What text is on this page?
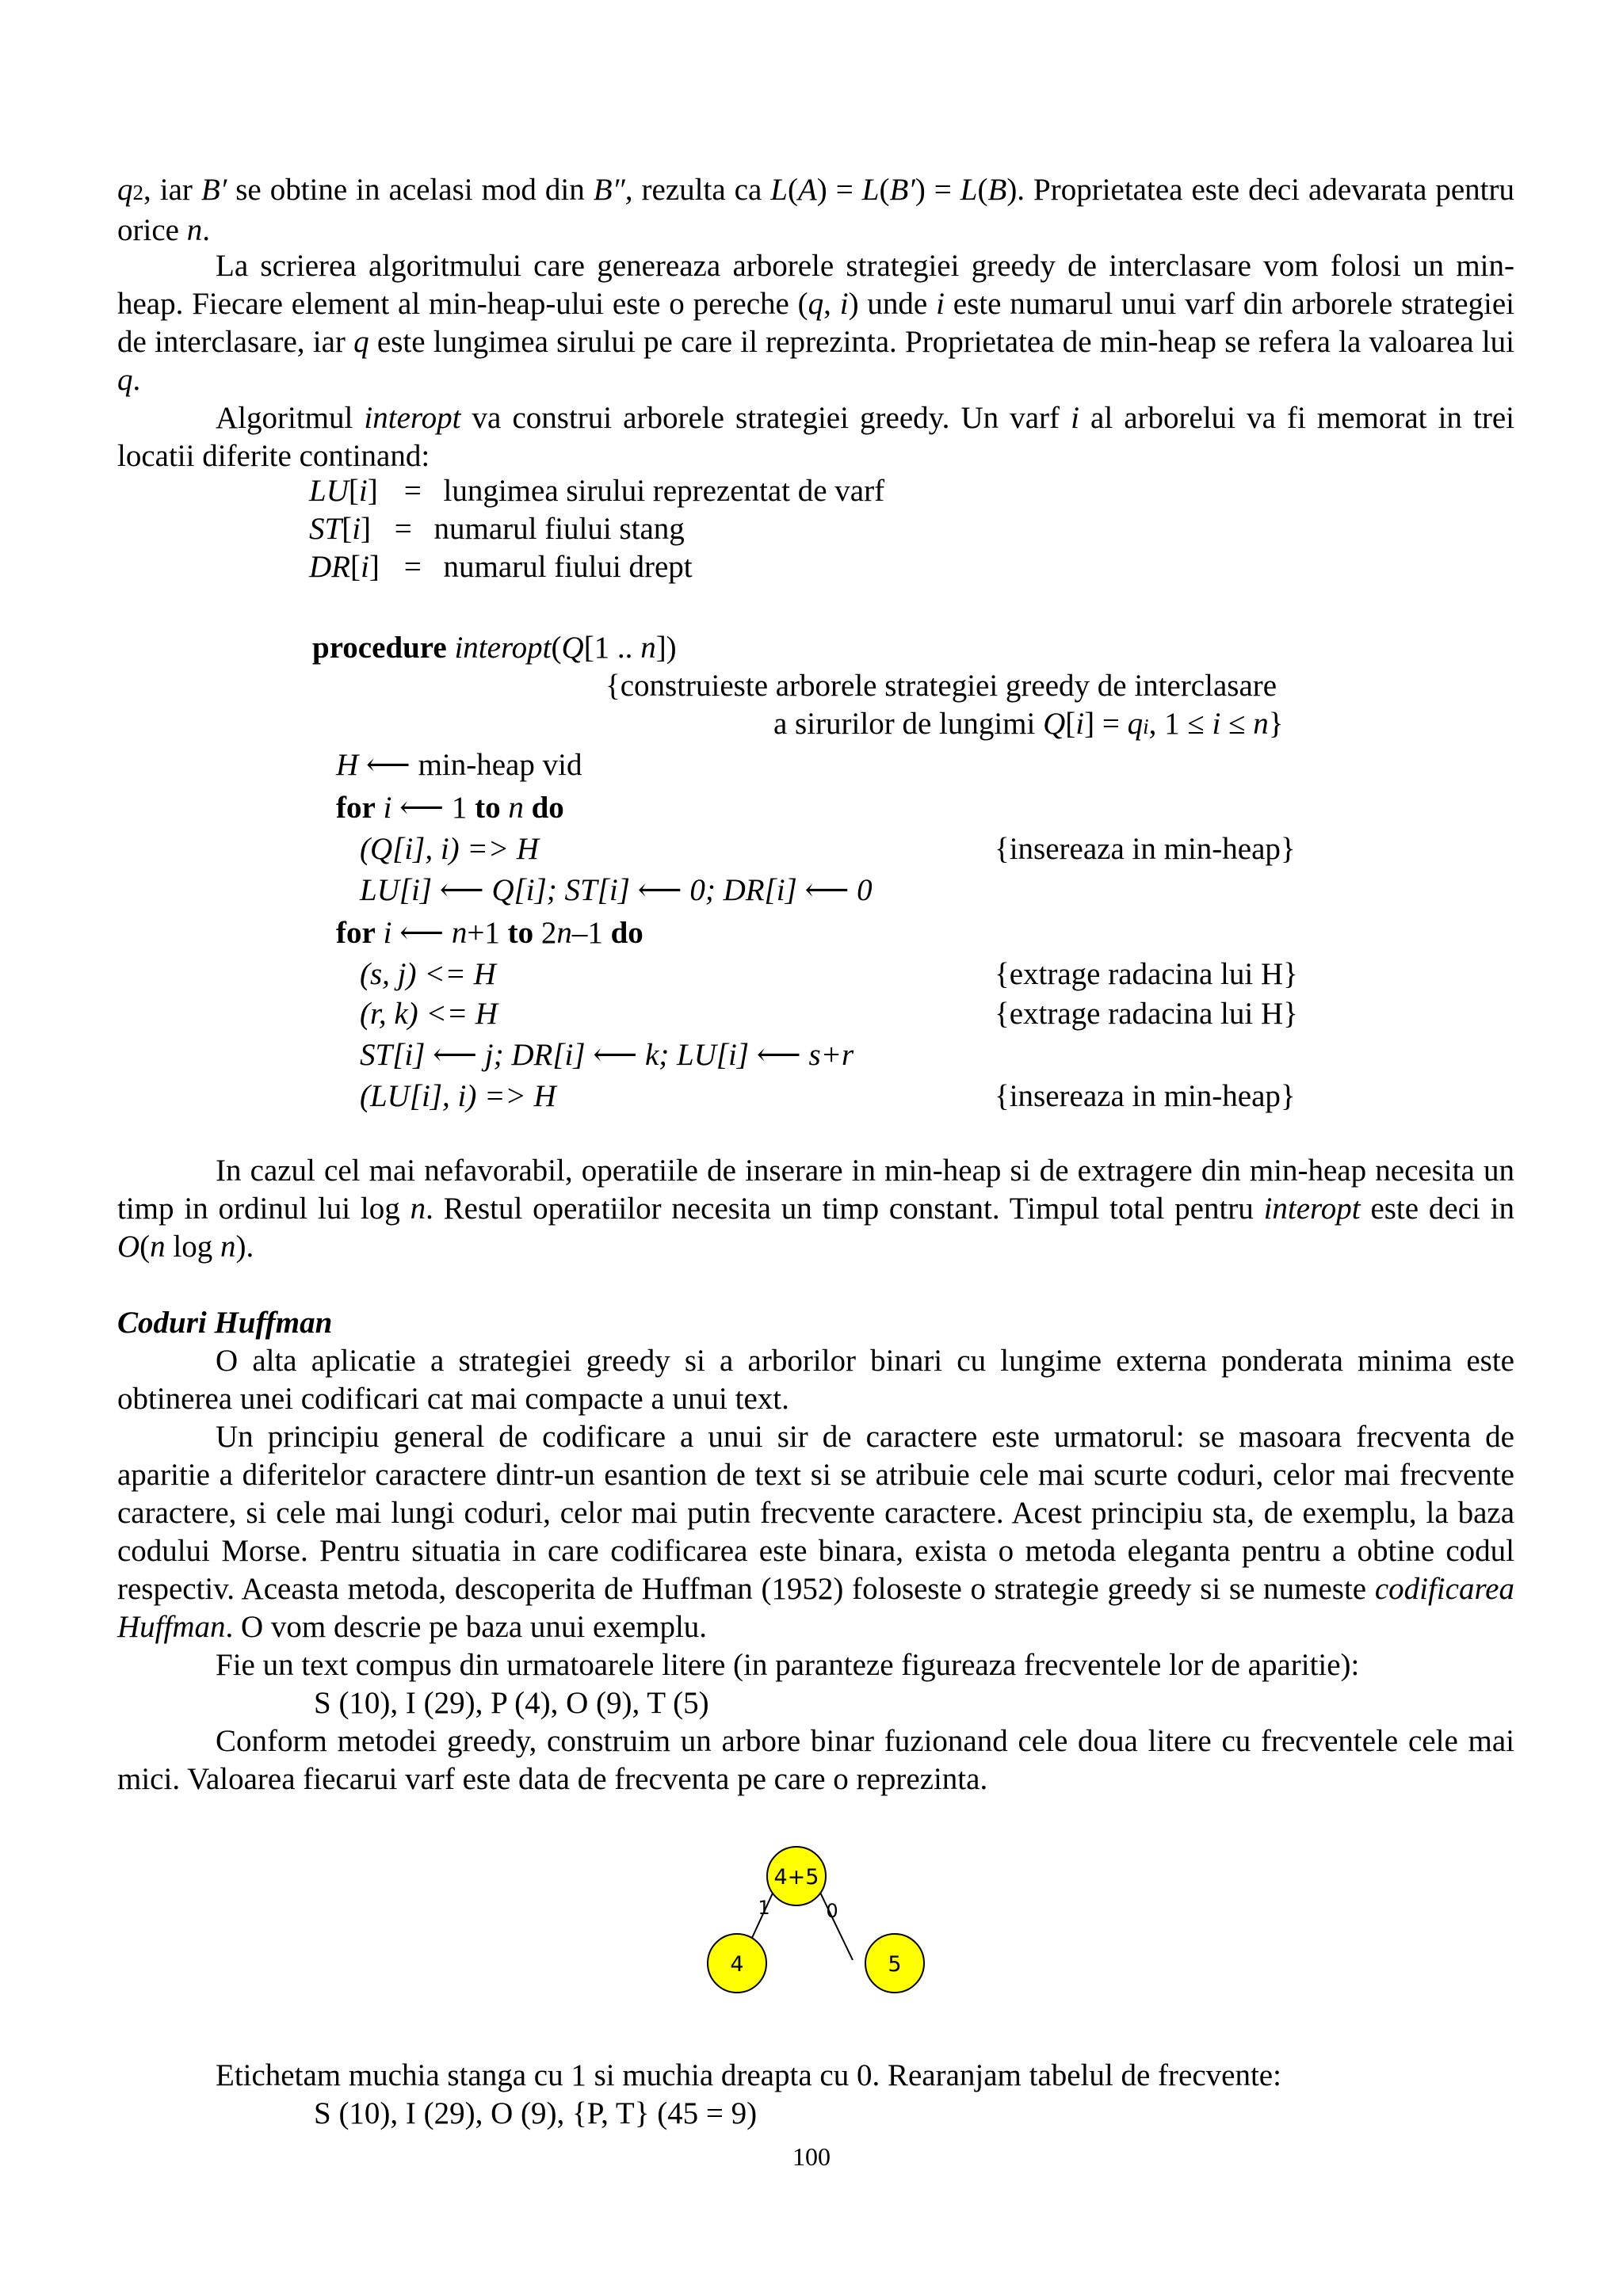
q2, iar B′ se obtine in acelasi mod din B″, rezulta ca L(A) = L(B′) = L(B). Proprietatea este deci adevarata pentru orice n.

La scrierea algoritmului care genereaza arborele strategiei greedy de interclasare vom folosi un min-heap. Fiecare element al min-heap-ului este o pereche (q, i) unde i este numarul unui varf din arborele strategiei de interclasare, iar q este lungimea sirului pe care il reprezinta. Proprietatea de min-heap se refera la valoarea lui q.

Algoritmul interopt va construi arborele strategiei greedy. Un varf i al arborelui va fi memorat in trei locatii diferite continand:

LU[i] = lungimea sirului reprezentat de varf
ST[i] = numarul fiului stang
DR[i] = numarul fiului drept
procedure interopt(Q[1 .. n])
{construieste arborele strategiei greedy de interclasare
a sirurilor de lungimi Q[i] = qi, 1 ≤ i ≤ n}
H ⟵ min-heap vid
for i ⟵ 1 to n do
(Q[i], i) => H	{insereaza in min-heap}
LU[i] ⟵ Q[i]; ST[i] ⟵ 0; DR[i] ⟵ 0
for i ⟵ n+1 to 2n–1 do
(s, j) <= H	{extrage radacina lui H}
(r, k) <= H	{extrage radacina lui H}
ST[i] ⟵ j; DR[i] ⟵ k; LU[i] ⟵ s+r
(LU[i], i) => H	{insereaza in min-heap}

In cazul cel mai nefavorabil, operatiile de inserare in min-heap si de extragere din min-heap necesita un timp in ordinul lui log n. Restul operatiilor necesita un timp constant. Timpul total pentru interopt este deci in O(n log n).

Coduri Huffman

O alta aplicatie a strategiei greedy si a arborilor binari cu lungime externa ponderata minima este obtinerea unei codificari cat mai compacte a unui text.

Un principiu general de codificare a unui sir de caractere este urmatorul: se masoara frecventa de aparitie a diferitelor caractere dintr-un esantion de text si se atribuie cele mai scurte coduri, celor mai frecvente caractere, si cele mai lungi coduri, celor mai putin frecvente caractere. Acest principiu sta, de exemplu, la baza codului Morse. Pentru situatia in care codificarea este binara, exista o metoda eleganta pentru a obtine codul respectiv. Aceasta metoda, descoperita de Huffman (1952) foloseste o strategie greedy si se numeste codificarea Huffman. O vom descrie pe baza unui exemplu.

Fie un text compus din urmatoarele litere (in paranteze figureaza frecventele lor de aparitie):

S (10), I (29), P (4), O (9), T (5)

Conform metodei greedy, construim un arbore binar fuzionand cele doua litere cu frecventele cele mai mici. Valoarea fiecarui varf este data de frecventa pe care o reprezinta.

4+5
4	5
1	0

Etichetam muchia stanga cu 1 si muchia dreapta cu 0. Rearanjam tabelul de frecvente:

S (10), I (29), O (9), {P, T} (45 = 9)

100
